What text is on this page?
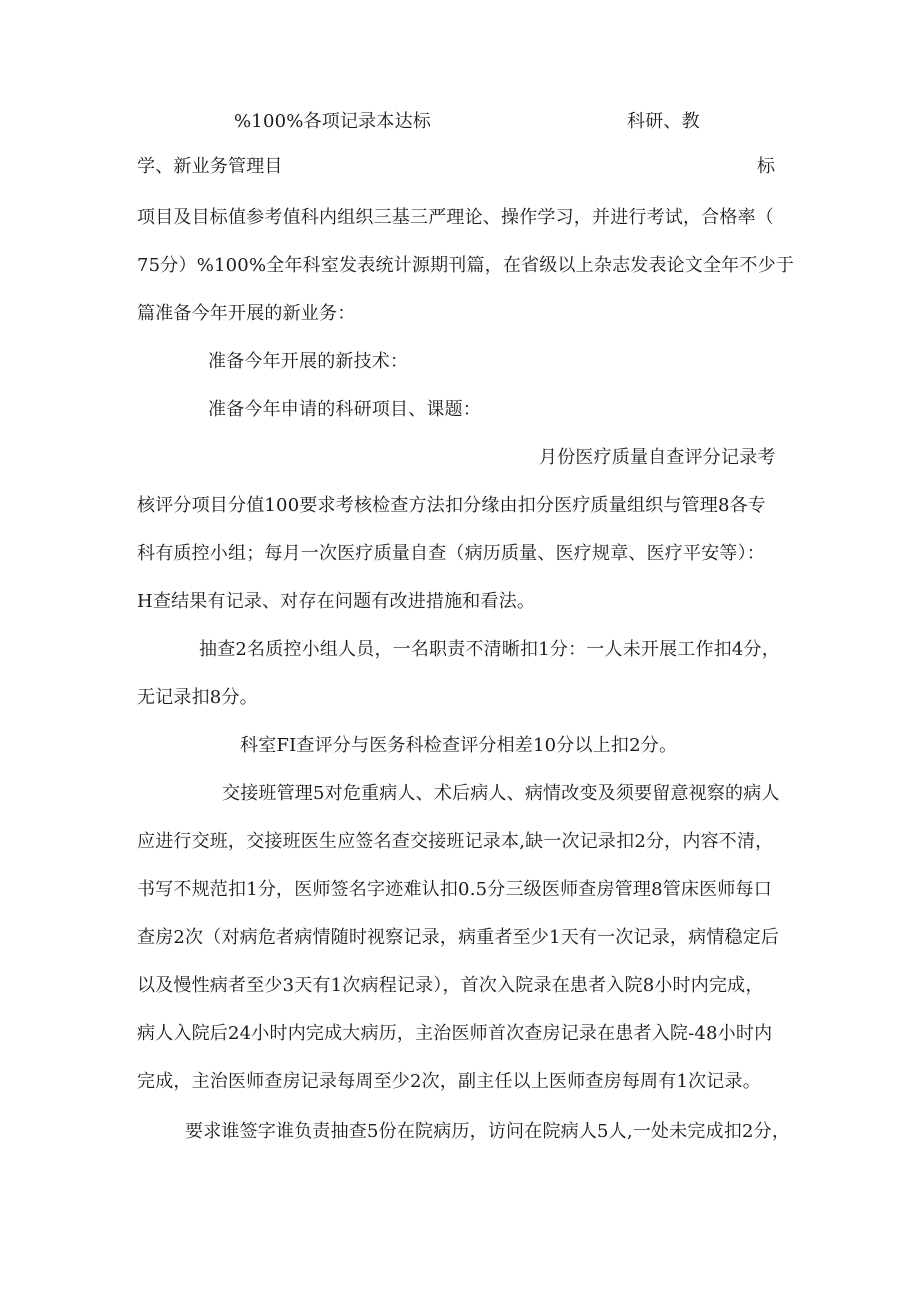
%100%各项记录本达标	科研、教
学、新业务管理目	标
项目及目标值参考值科内组织三基三严理论、操作学习，并进行考试，合格率（
75分）%100%全年科室发表统计源期刊篇，在省级以上杂志发表论文全年不少于
篇准备今年开展的新业务：
准备今年开展的新技术：
准备今年申请的科研项目、课题：
月份医疗质量自查评分记录考
核评分项目分值100要求考核检查方法扣分缘由扣分医疗质量组织与管理8各专
科有质控小组；每月一次医疗质量自查（病历质量、医疗规章、医疗平安等）：
H查结果有记录、对存在问题有改进措施和看法。
抽查2名质控小组人员，一名职责不清晰扣1分：一人未开展工作扣4分，
无记录扣8分。
科室FI查评分与医务科检查评分相差10分以上扣2分。
交接班管理5对危重病人、术后病人、病情改变及须要留意视察的病人
应进行交班，交接班医生应签名查交接班记录本,缺一次记录扣2分，内容不清，
书写不规范扣1分，医师签名字迹难认扣0.5分三级医师查房管理8管床医师每口
查房2次（对病危者病情随时视察记录，病重者至少1天有一次记录，病情稳定后
以及慢性病者至少3天有1次病程记录），首次入院录在患者入院8小时内完成，
病人入院后24小时内完成大病历，主治医师首次查房记录在患者入院-48小时内
完成，主治医师查房记录每周至少2次，副主任以上医师查房每周有1次记录。
要求谁签字谁负责抽查5份在院病历，访问在院病人5人,一处未完成扣2分，
